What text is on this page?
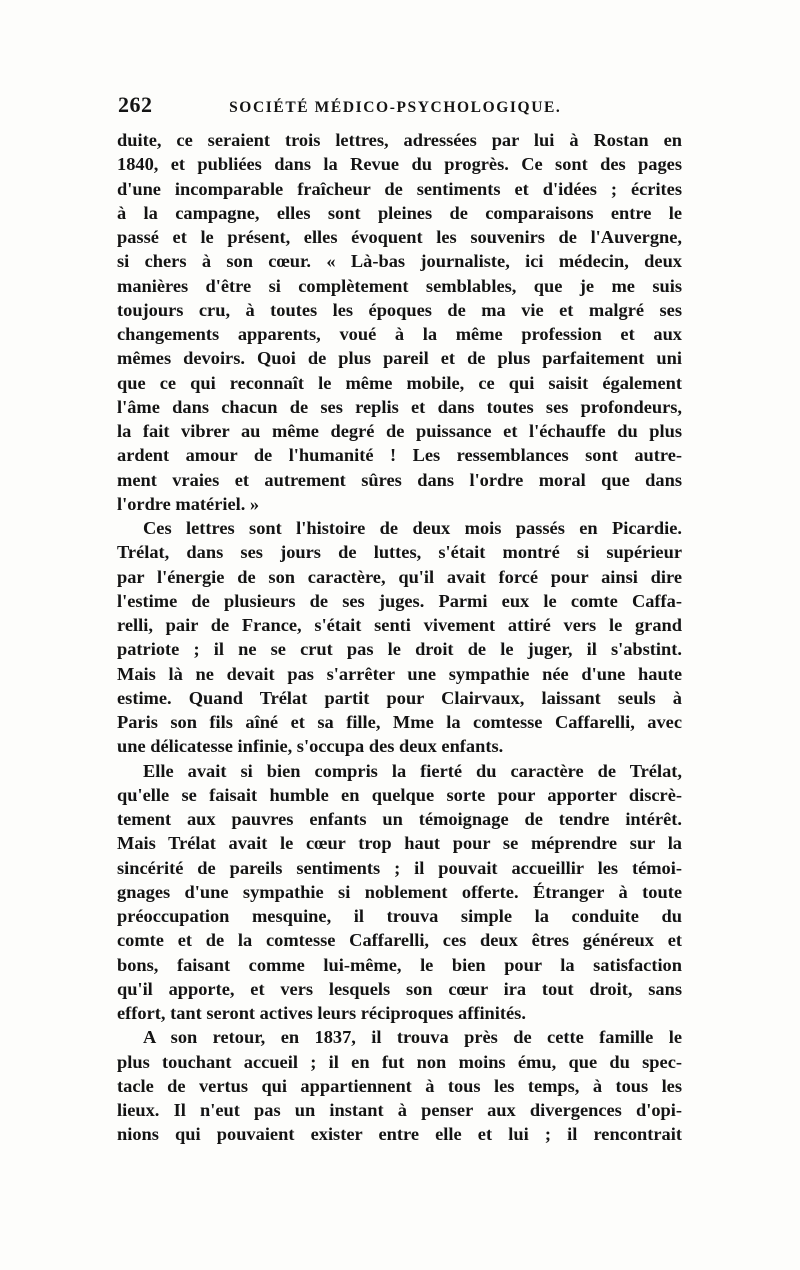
262	SOCIÉTÉ MÉDICO-PSYCHOLOGIQUE.
duite, ce seraient trois lettres, adressées par lui à Rostan en
1840, et publiées dans la Revue du progrès. Ce sont des pages
d'une incomparable fraîcheur de sentiments et d'idées ; écrites
à la campagne, elles sont pleines de comparaisons entre le
passé et le présent, elles évoquent les souvenirs de l'Auvergne,
si chers à son cœur. « Là-bas journaliste, ici médecin, deux
manières d'être si complètement semblables, que je me suis
toujours cru, à toutes les époques de ma vie et malgré ses
changements apparents, voué à la même profession et aux
mêmes devoirs. Quoi de plus pareil et de plus parfaitement uni
que ce qui reconnaît le même mobile, ce qui saisit également
l'âme dans chacun de ses replis et dans toutes ses profondeurs,
la fait vibrer au même degré de puissance et l'échauffe du plus
ardent amour de l'humanité ! Les ressemblances sont autre-
ment vraies et autrement sûres dans l'ordre moral que dans
l'ordre matériel. »
Ces lettres sont l'histoire de deux mois passés en Picardie.
Trélat, dans ses jours de luttes, s'était montré si supérieur
par l'énergie de son caractère, qu'il avait forcé pour ainsi dire
l'estime de plusieurs de ses juges. Parmi eux le comte Caffa-
relli, pair de France, s'était senti vivement attiré vers le grand
patriote ; il ne se crut pas le droit de le juger, il s'abstint.
Mais là ne devait pas s'arrêter une sympathie née d'une haute
estime. Quand Trélat partit pour Clairvaux, laissant seuls à
Paris son fils aîné et sa fille, Mme la comtesse Caffarelli, avec
une délicatesse infinie, s'occupa des deux enfants.
Elle avait si bien compris la fierté du caractère de Trélat,
qu'elle se faisait humble en quelque sorte pour apporter discrè-
tement aux pauvres enfants un témoignage de tendre intérêt.
Mais Trélat avait le cœur trop haut pour se méprendre sur la
sincérité de pareils sentiments ; il pouvait accueillir les témoi-
gnages d'une sympathie si noblement offerte. Étranger à toute
préoccupation mesquine, il trouva simple la conduite du
comte et de la comtesse Caffarelli, ces deux êtres généreux et
bons, faisant comme lui-même, le bien pour la satisfaction
qu'il apporte, et vers lesquels son cœur ira tout droit, sans
effort, tant seront actives leurs réciproques affinités.
A son retour, en 1837, il trouva près de cette famille le
plus touchant accueil ; il en fut non moins ému, que du spec-
tacle de vertus qui appartiennent à tous les temps, à tous les
lieux. Il n'eut pas un instant à penser aux divergences d'opi-
nions qui pouvaient exister entre elle et lui ; il rencontrait
